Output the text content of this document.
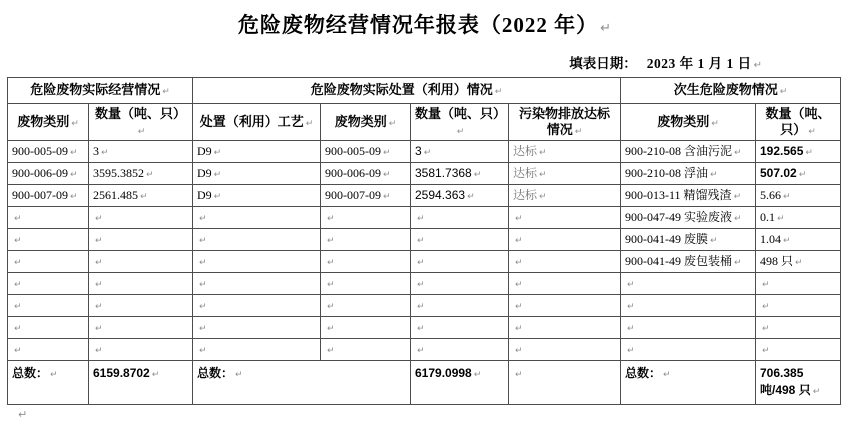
危险废物经营情况年报表（2022 年） ↵
填表日期： 2023 年 1 月 1 日 ↵
危险废物实际经营情况 ↵		危险废物实际处置（利用）情况 ↵				次生危险废物情况 ↵	
废物类别 ↵	数量（吨、只）↵	处置（利用）工艺 ↵	废物类别 ↵	数量（吨、只）↵	污染物排放达标情况 ↵	废物类别 ↵	数量（吨、只） ↵
900-005-09 ↵	3 ↵	D9 ↵	900-005-09 ↵	3 ↵	达标 ↵	900-210-08 含油污泥 ↵	192.565 ↵
900-006-09 ↵	3595.3852 ↵	D9 ↵	900-006-09 ↵	3581.7368 ↵	达标 ↵	900-210-08 浮油 ↵	507.02 ↵
900-007-09 ↵	2561.485 ↵	D9 ↵	900-007-09 ↵	2594.363 ↵	达标 ↵	900-013-11 精馏残渣 ↵	5.66 ↵
↵	↵	↵	↵	↵	↵	900-047-49 实验废液 ↵	0.1 ↵
↵	↵	↵	↵	↵	↵	900-041-49 废膜 ↵	1.04 ↵
↵	↵	↵	↵	↵	↵	900-041-49 废包装桶 ↵	498 只 ↵
↵	↵	↵	↵	↵	↵	↵	↵
↵	↵	↵	↵	↵	↵	↵	↵
↵	↵	↵	↵	↵	↵	↵	↵
↵	↵	↵	↵	↵	↵	↵	↵
总数： ↵	6159.8702 ↵	总数： ↵		6179.0998 ↵	↵	总数： ↵	706.385 吨/498 只 ↵
↵
